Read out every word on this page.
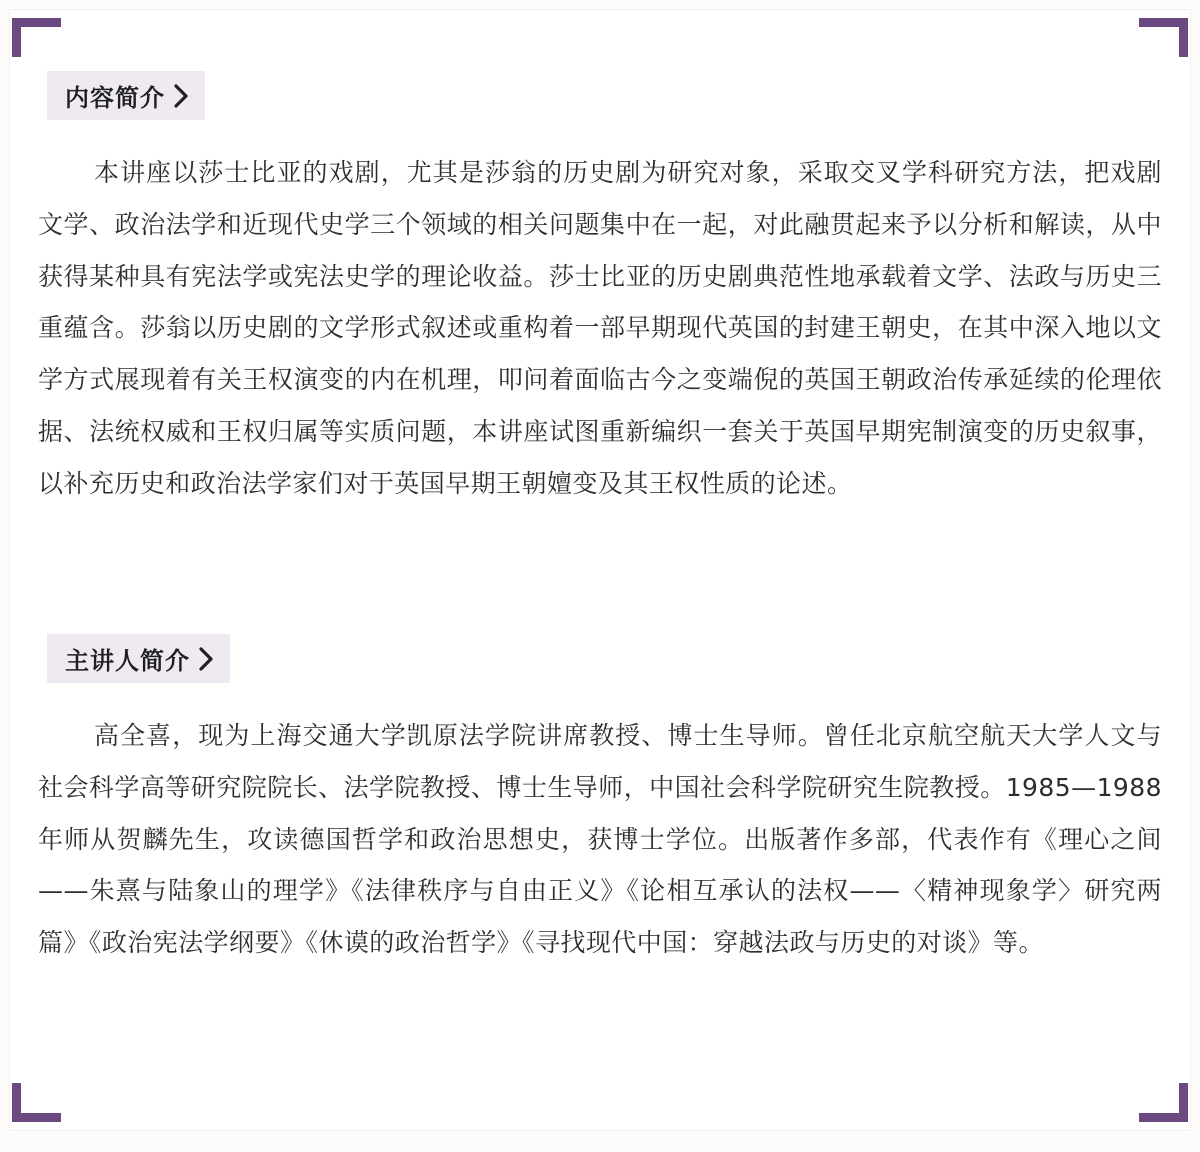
内容简介
本讲座以莎士比亚的戏剧，尤其是莎翁的历史剧为研究对象，采取交叉学科研究方法，把戏剧文学、政治法学和近现代史学三个领域的相关问题集中在一起，对此融贯起来予以分析和解读，从中获得某种具有宪法学或宪法史学的理论收益。莎士比亚的历史剧典范性地承载着文学、法政与历史三重蕴含。莎翁以历史剧的文学形式叙述或重构着一部早期现代英国的封建王朝史，在其中深入地以文学方式展现着有关王权演变的内在机理，叩问着面临古今之变端倪的英国王朝政治传承延续的伦理依据、法统权威和王权归属等实质问题，本讲座试图重新编织一套关于英国早期宪制演变的历史叙事，以补充历史和政治法学家们对于英国早期王朝嬗变及其王权性质的论述。
主讲人简介
高全喜，现为上海交通大学凯原法学院讲席教授、博士生导师。曾任北京航空航天大学人文与社会科学高等研究院院长、法学院教授、博士生导师，中国社会科学院研究生院教授。1985—1988年师从贺麟先生，攻读德国哲学和政治思想史，获博士学位。出版著作多部，代表作有《理心之间——朱熹与陆象山的理学》《法律秩序与自由正义》《论相互承认的法权——〈精神现象学〉研究两篇》《政治宪法学纲要》《休谟的政治哲学》《寻找现代中国：穿越法政与历史的对谈》等。
